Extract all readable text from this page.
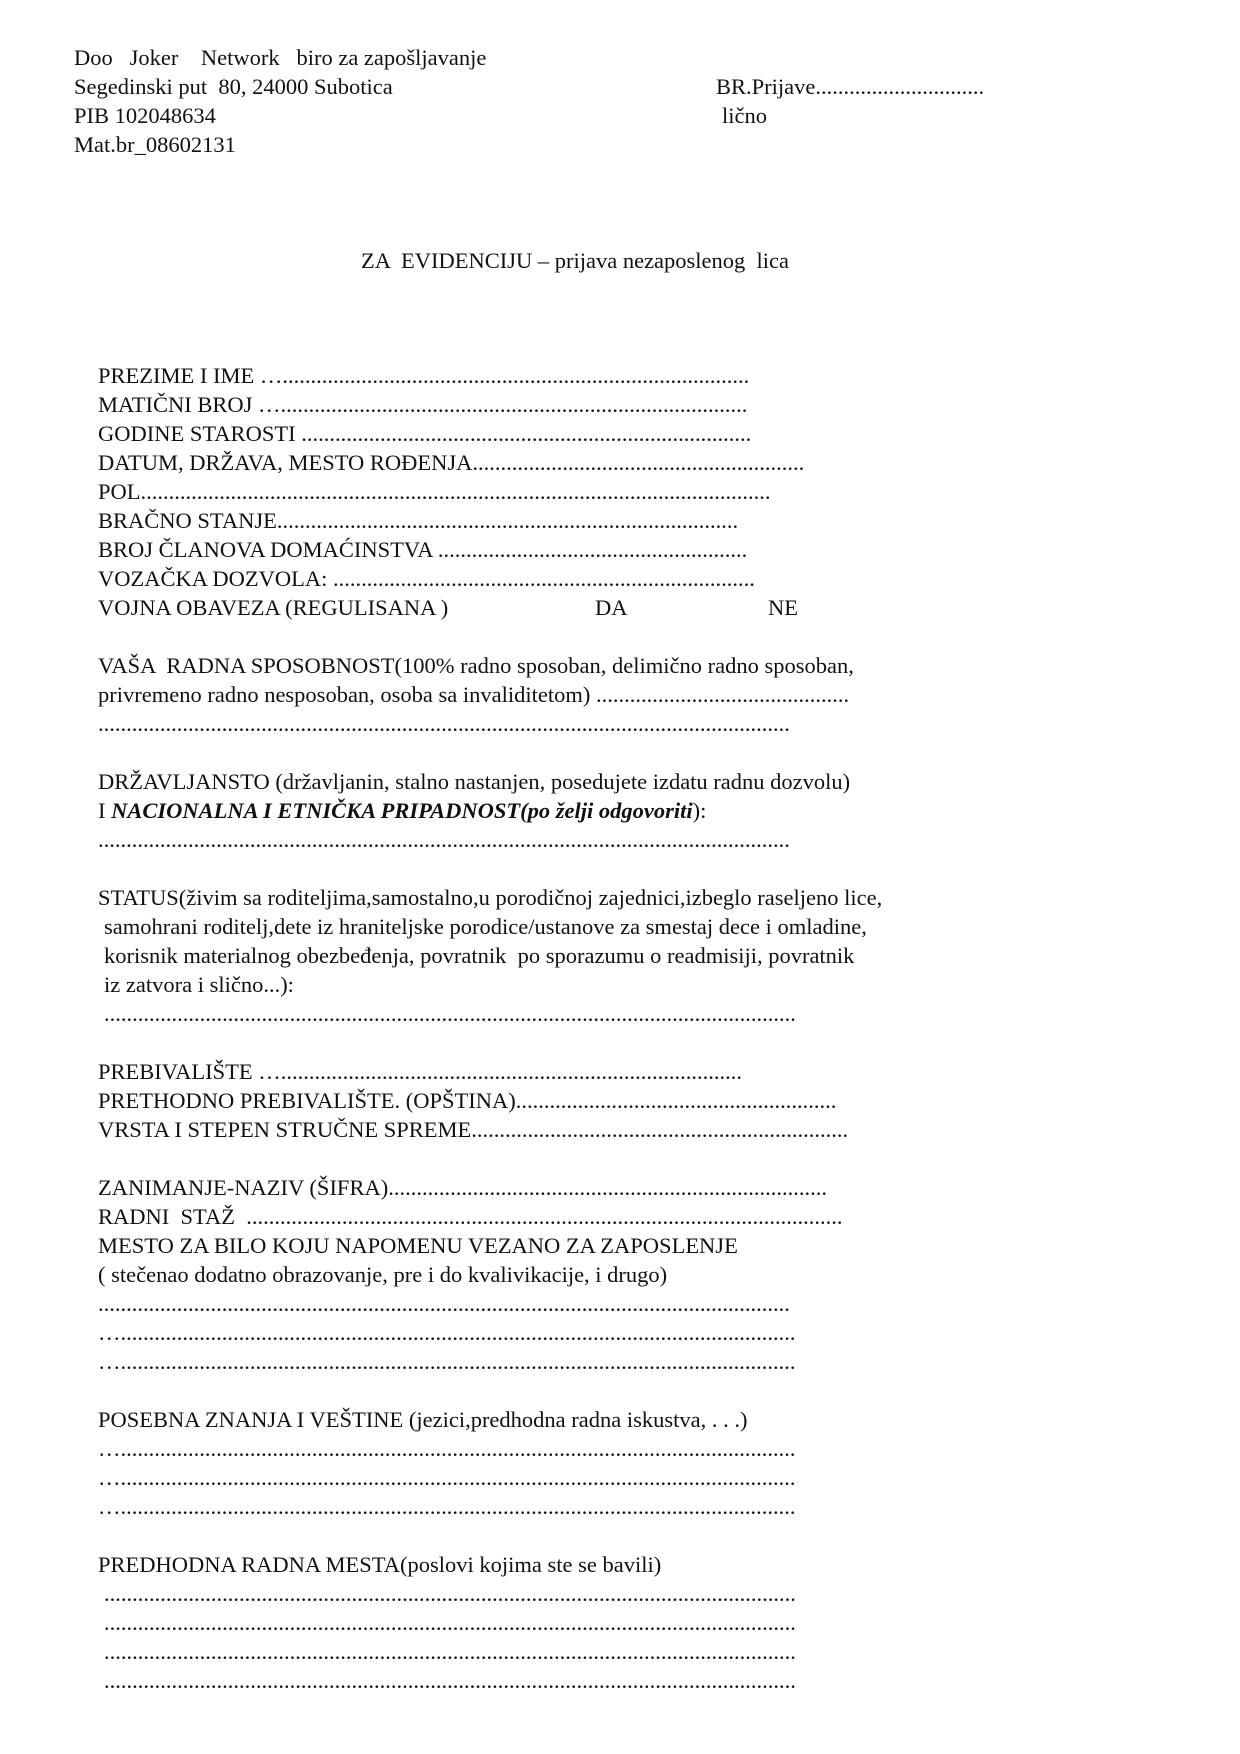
Doo   Joker    Network   biro za zapošljavanje
Segedinski put  80, 24000 Subotica
PIB 102048634
Mat.br_08602131
BR.Prijave..............................
lično
ZA  EVIDENCIJU – prijava nezaposlenog  lica
PREZIME I IME …...................................................................................
MATIČNI BROJ …...................................................................................
GODINE STAROSTI ................................................................................
DATUM, DRŽAVA, MESTO ROĐENJA...........................................................
POL................................................................................................................
BRAČNO STANJE..................................................................................
BROJ ČLANOVA DOMAĆINSTVA .......................................................
VOZAČKA DOZVOLA: ...........................................................................
VOJNA OBAVEZA (REGULISANA )	DA	NE
VAŠA  RADNA SPOSOBNOST(100% radno sposoban, delimično radno sposoban,
privremeno radno nesposoban, osoba sa invaliditetom) .............................................
...........................................................................................................................
DRŽAVLJANSTO (državljanin, stalno nastanjen, posedujete izdatu radnu dozvolu)
I NACIONALNA I ETNIČKA PRIPADNOST(po želji odgovoriti):
...........................................................................................................................
STATUS(živim sa roditeljima,samostalno,u porodičnoj zajednici,izbeglo raseljeno lice,
samohrani roditelj,dete iz hraniteljske porodice/ustanove za smestaj dece i omladine,
korisnik materialnog obezbeđenja, povratnik  po sporazumu o readmisiji, povratnik
iz zatvora i slično...):
...........................................................................................................................
PREBIVALIŠTE …..................................................................................
PRETHODNO PREBIVALIŠTE. (OPŠTINA).........................................................
VRSTA I STEPEN STRUČNE SPREME...................................................................
ZANIMANJE-NAZIV (ŠIFRA)..............................................................................
RADNI  STAŽ  ..........................................................................................................
MESTO ZA BILO KOJU NAPOMENU VEZANO ZA ZAPOSLENJE
( stečenao dodatno obrazovanje, pre i do kvalivikacije, i drugo)
...........................................................................................................................
…........................................................................................................................
…........................................................................................................................
POSEBNA ZNANJA I VEŠTINE (jezici,predhodna radna iskustva, . . .)
…........................................................................................................................
…........................................................................................................................
…........................................................................................................................
PREDHODNA RADNA MESTA(poslovi kojima ste se bavili)
...........................................................................................................................
...........................................................................................................................
...........................................................................................................................
...........................................................................................................................
